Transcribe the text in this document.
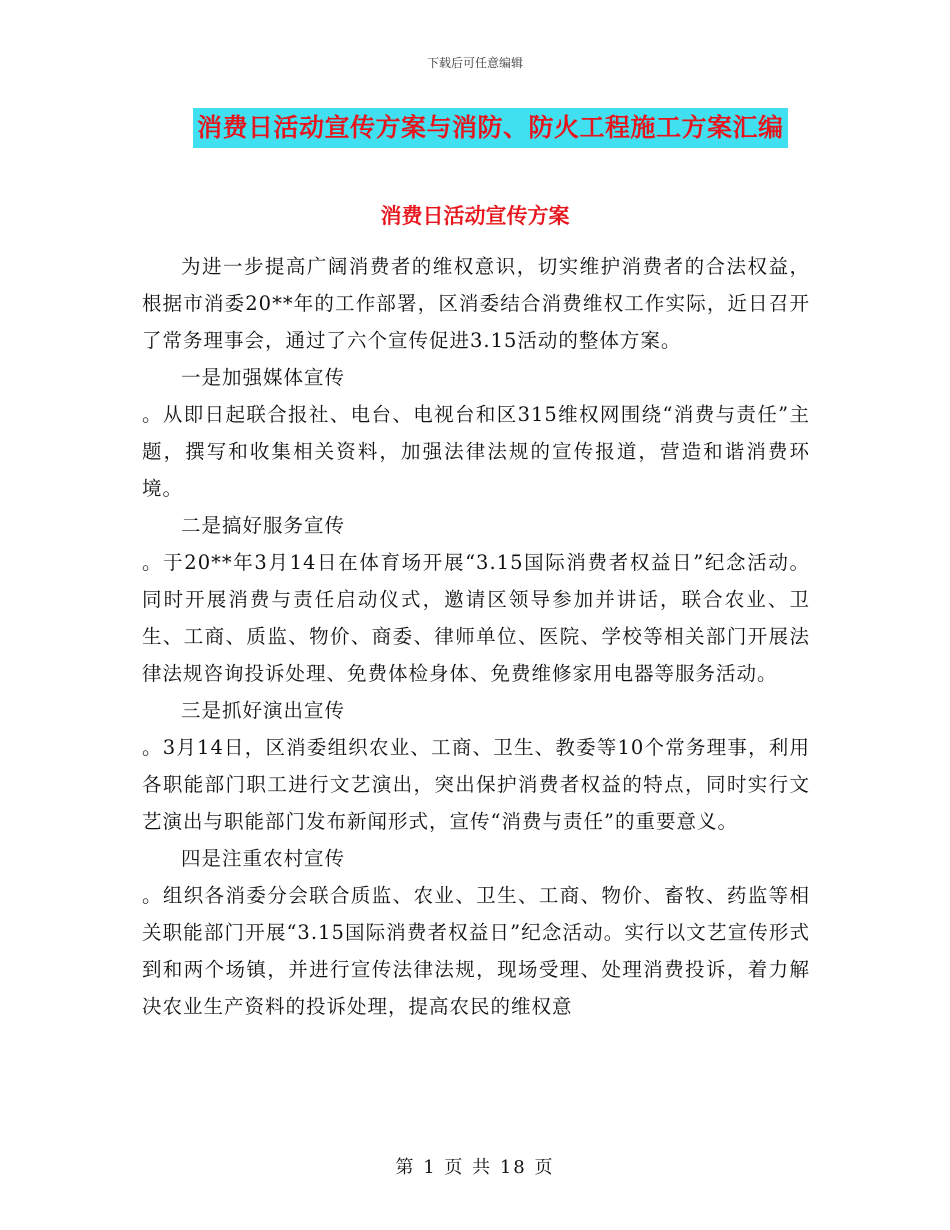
下载后可任意编辑
消费日活动宣传方案与消防、防火工程施工方案汇编
消费日活动宣传方案

为进一步提高广阔消费者的维权意识，切实维护消费者的合法权益，根据市消委20**年的工作部署，区消委结合消费维权工作实际，近日召开了常务理事会，通过了六个宣传促进3.15活动的整体方案。

一是加强媒体宣传

。从即日起联合报社、电台、电视台和区315维权网围绕“消费与责任”主题，撰写和收集相关资料，加强法律法规的宣传报道，营造和谐消费环境。

二是搞好服务宣传

。于20**年3月14日在体育场开展“3.15国际消费者权益日”纪念活动。同时开展消费与责任启动仪式，邀请区领导参加并讲话，联合农业、卫生、工商、质监、物价、商委、律师单位、医院、学校等相关部门开展法律法规咨询投诉处理、免费体检身体、免费维修家用电器等服务活动。

三是抓好演出宣传

。3月14日，区消委组织农业、工商、卫生、教委等10个常务理事，利用各职能部门职工进行文艺演出，突出保护消费者权益的特点，同时实行文艺演出与职能部门发布新闻形式，宣传“消费与责任”的重要意义。

四是注重农村宣传

。组织各消委分会联合质监、农业、卫生、工商、物价、畜牧、药监等相关职能部门开展“3.15国际消费者权益日”纪念活动。实行以文艺宣传形式到和两个场镇，并进行宣传法律法规，现场受理、处理消费投诉，着力解决农业生产资料的投诉处理，提高农民的维权意

第 1 页 共 18 页
